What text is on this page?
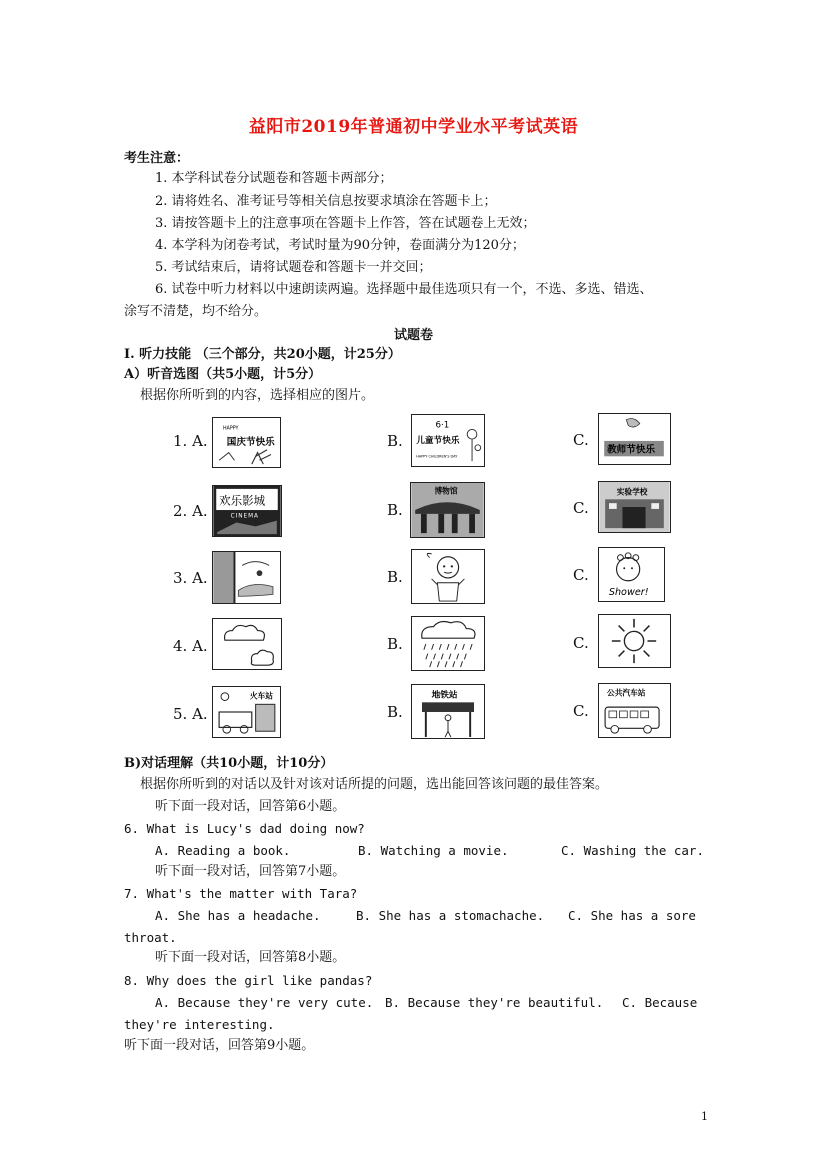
益阳市2019年普通初中学业水平考试英语
考生注意：
1. 本学科试卷分试题卷和答题卡两部分；
2. 请将姓名、准考证号等相关信息按要求填涂在答题卡上；
3. 请按答题卡上的注意事项在答题卡上作答，答在试题卷上无效；
4. 本学科为闭卷考试，考试时量为90分钟，卷面满分为120分；
5. 考试结束后，请将试题卷和答题卡一并交回；
6. 试卷中听力材料以中速朗读两遍。选择题中最佳选项只有一个，不选、多选、错选、
涂写不清楚，均不给分。
试题卷
I. 听力技能 （三个部分，共20小题，计25分）
A）听音选图（共5小题，计5分）
根据你所听到的内容，选择相应的图片。
1. A.
HAPPY
国庆节快乐	B.
6·1
儿童节快乐
HAPPY CHILDREN'S DAY
C.
教师节快乐
2. A.
欢乐影城
CINEMA	B.
博物馆
C.
实验学校
3. A.	B.	C.
Shower!
4. A.	B.	C.
5. A.
火车站
B.
地铁站
C.
公共汽车站
B)对话理解（共10小题，计10分）
根据你所听到的对话以及针对该对话所提的问题，选出能回答该问题的最佳答案。
听下面一段对话，回答第6小题。
6. What is Lucy's dad doing now?
A. Reading a book.	B. Watching a movie.	C. Washing the car.
听下面一段对话，回答第7小题。
7. What's the matter with Tara?
A. She has a headache.	B. She has a stomachache. C. She has a sore
throat.
听下面一段对话，回答第8小题。
8. Why does the girl like pandas?
A. Because they're very cute. B. Because they're beautiful. C. Because
they're interesting.
听下面一段对话，回答第9小题。
1
